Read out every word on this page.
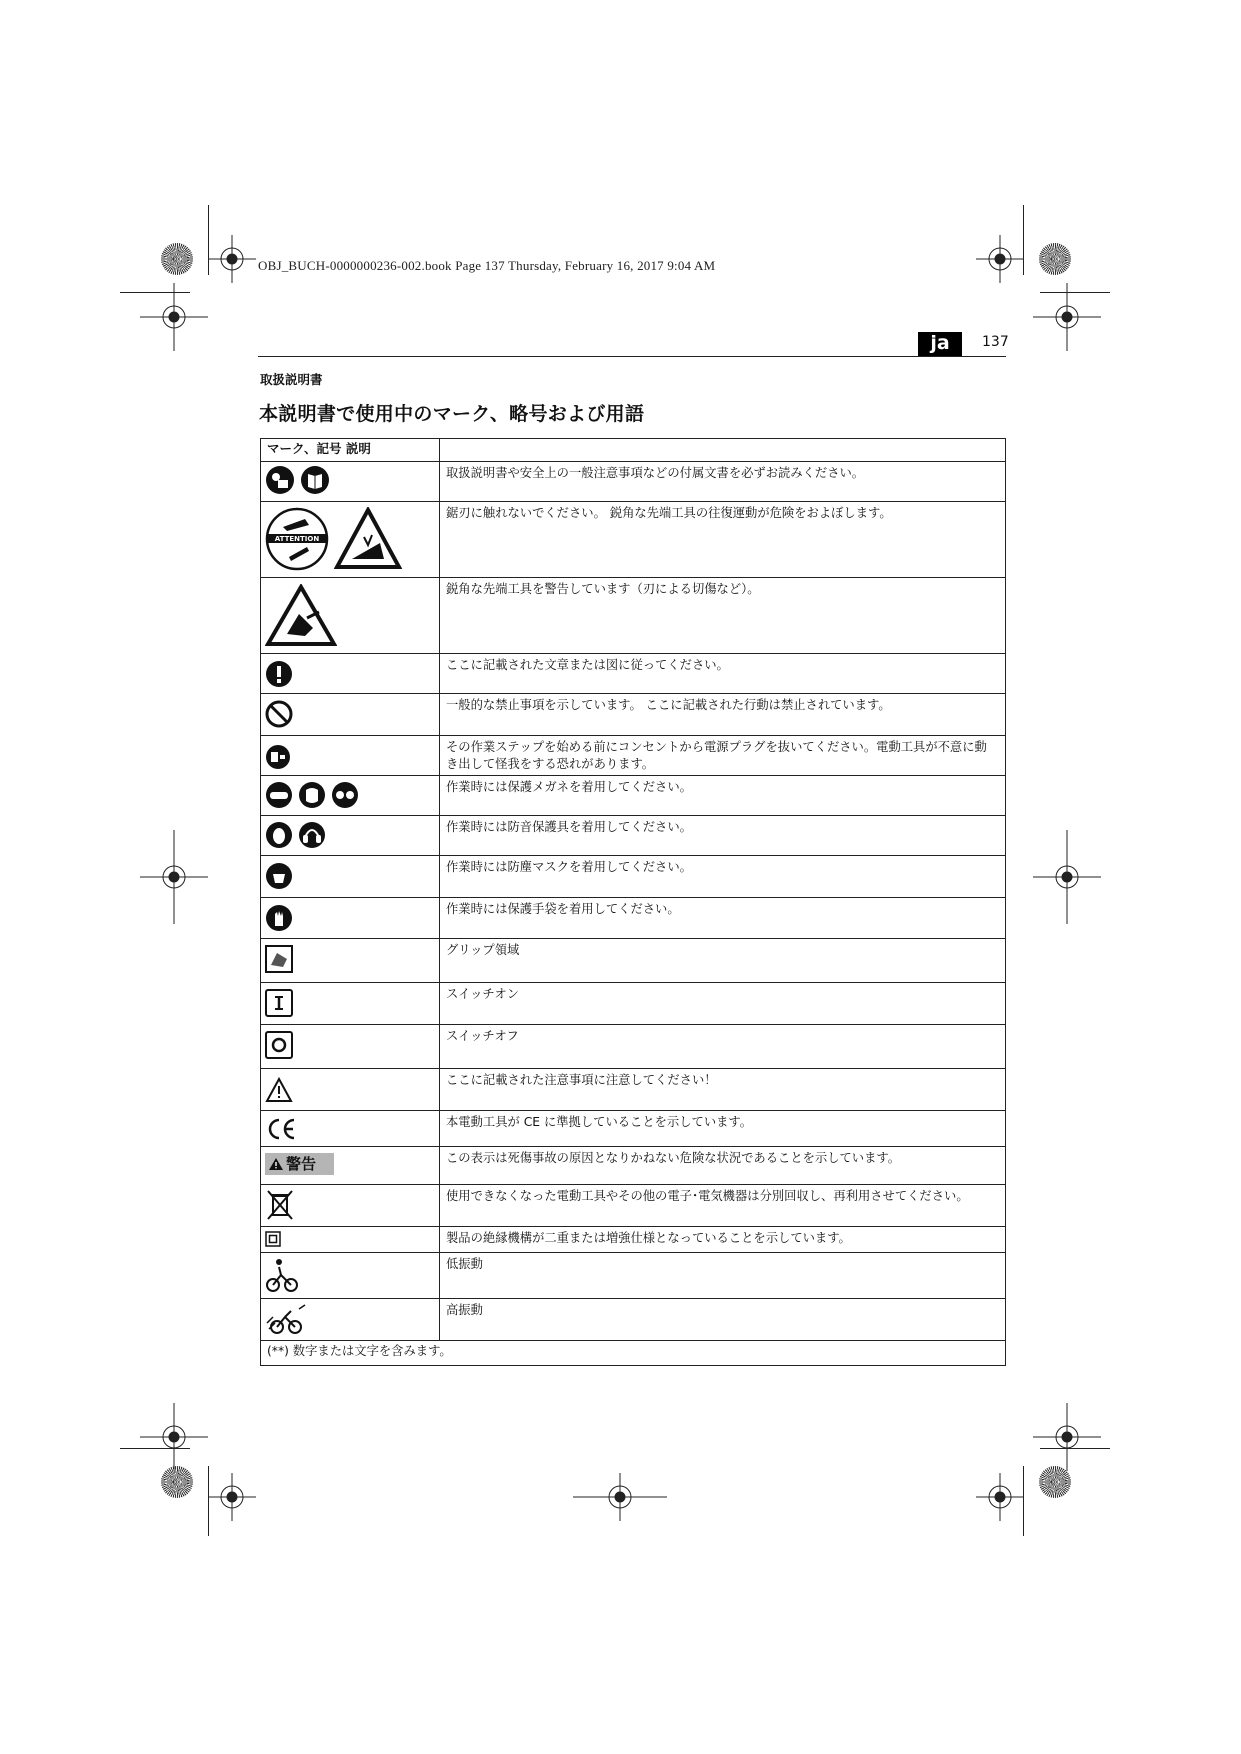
OBJ_BUCH-0000000236-002.book Page 137 Thursday, February 16, 2017 9:04 AM
ja	137
取扱説明書
本説明書で使用中のマーク、略号および用語
マーク、記号 説明	

	取扱説明書や安全上の一般注意事項などの付属文書を必ずお読みください。

ATTENTION	鋸刃に触れないでください。 鋭角な先端工具の往復運動が危険をおよぼします。

	鋭角な先端工具を警告しています（刃による切傷など）。

	ここに記載された文章または図に従ってください。

	一般的な禁止事項を示しています。 ここに記載された行動は禁止されています。

	その作業ステップを始める前にコンセントから電源プラグを抜いてください。電動工具が不意に動き出して怪我をする恐れがあります。

	作業時には保護メガネを着用してください。

	作業時には防音保護具を着用してください。

	作業時には防塵マスクを着用してください。

	作業時には保護手袋を着用してください。

	グリップ領域

	スイッチオン

	スイッチオフ

	ここに記載された注意事項に注意してください！

	本電動工具が CE に準拠していることを示しています。

警告	この表示は死傷事故の原因となりかねない危険な状況であることを示しています。

	使用できなくなった電動工具やその他の電子･電気機器は分別回収し、再利用させてください。

	製品の絶縁機構が二重または増強仕様となっていることを示しています。

	低振動

	高振動
(**) 数字または文字を含みます。	
